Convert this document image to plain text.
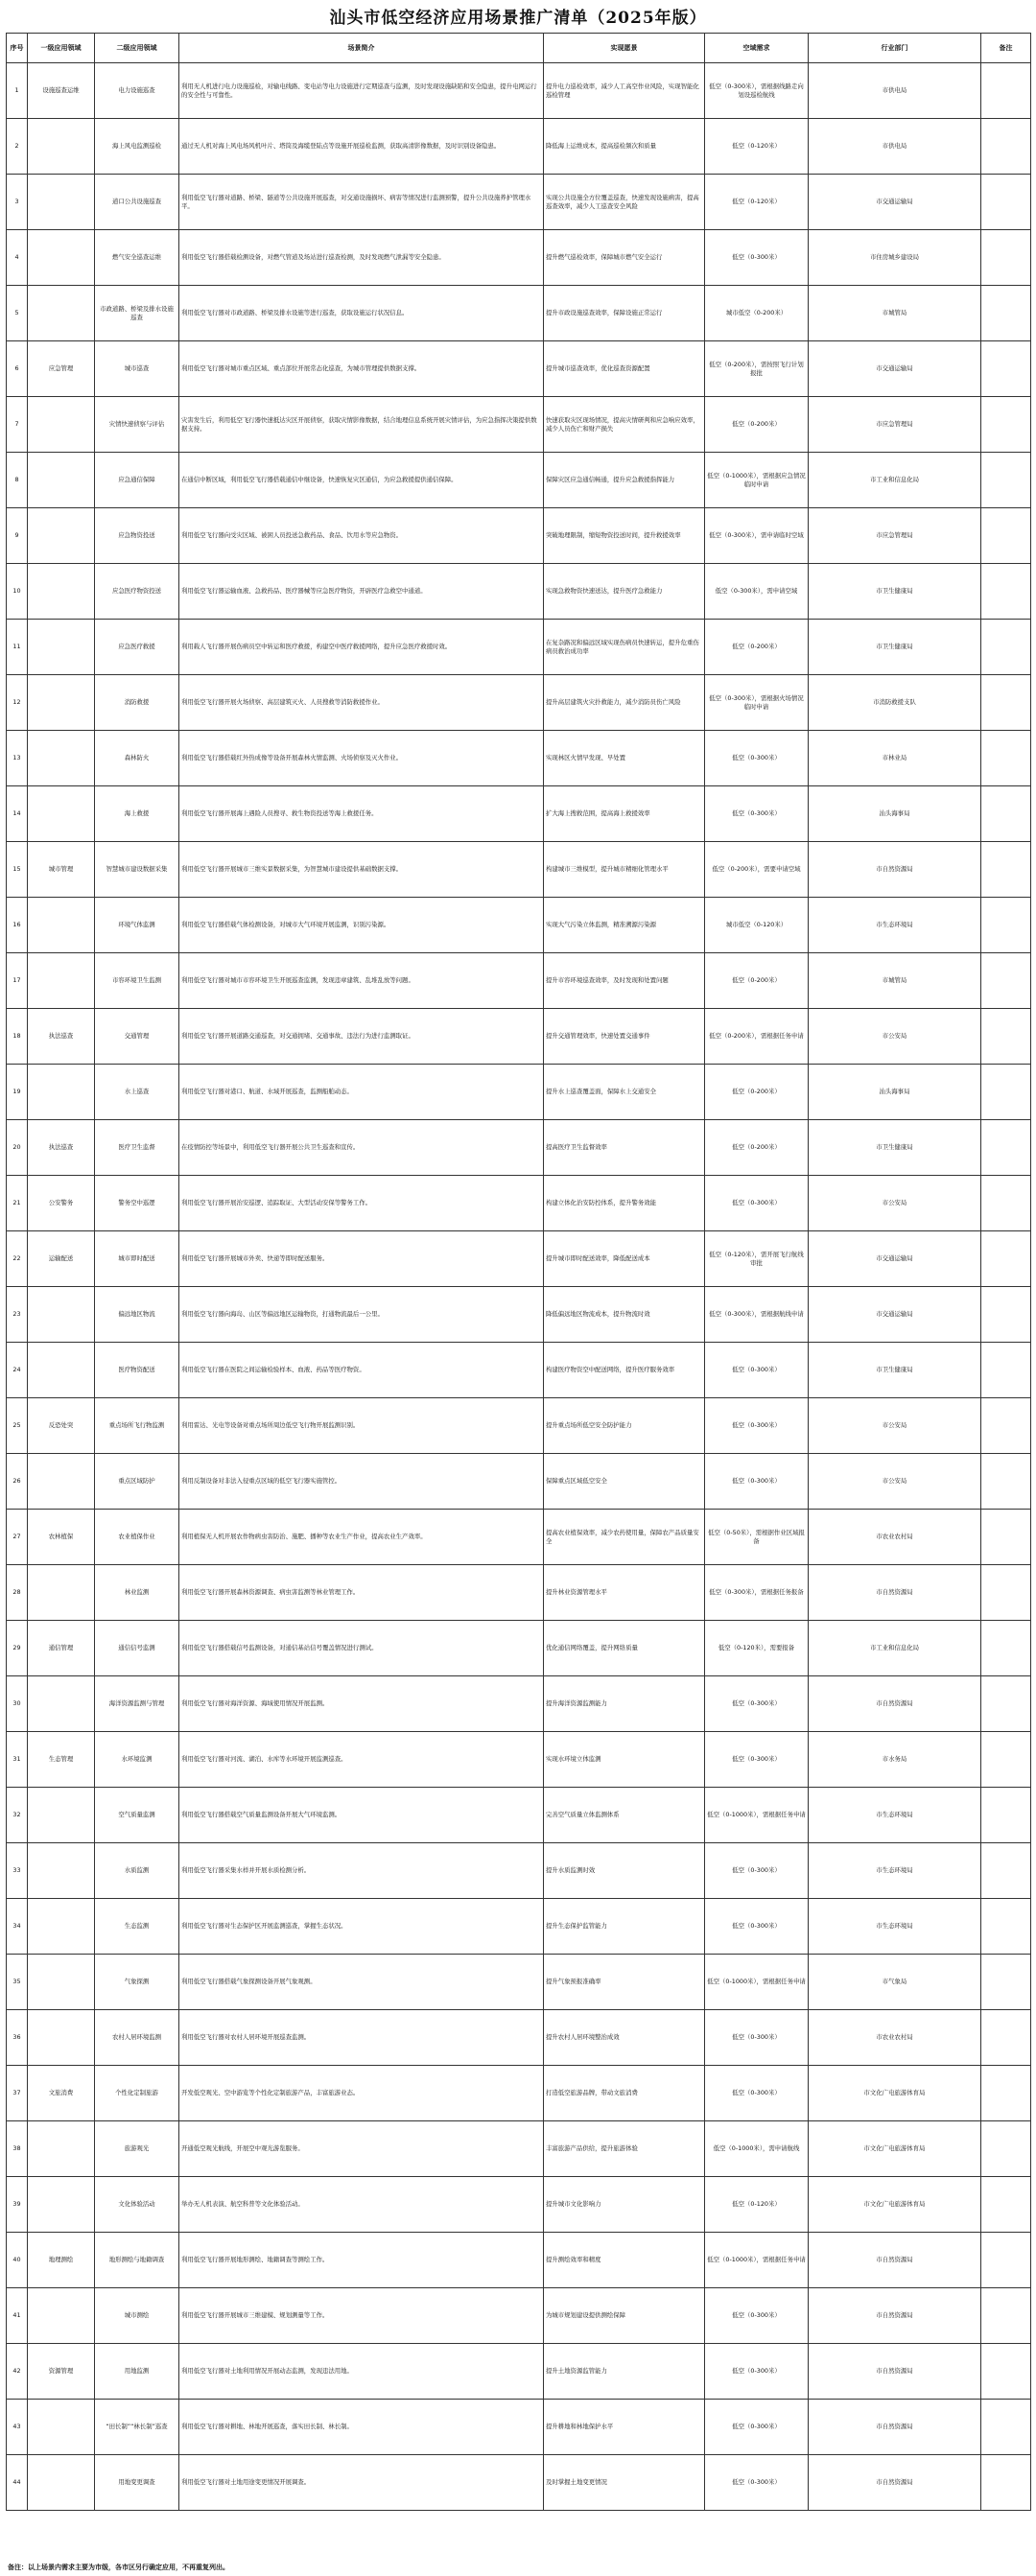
汕头市低空经济应用场景推广清单（2025年版）
序号	一级应用领域	二级应用领域	场景简介	实现愿景	空域需求	行业部门	备注
1	设施巡查运维	电力设施巡查	利用无人机进行电力设施巡检，对输电线路、变电站等电力设施进行定期巡查与监测，及时发现设施缺陷和安全隐患，提升电网运行的安全性与可靠性。	提升电力巡检效率，减少人工高空作业风险，实现智能化巡检管理	低空（0-300米），需根据线路走向划设巡检航线	市供电局	
2		海上风电监测巡检	通过无人机对海上风电场风机叶片、塔筒及海缆登陆点等设施开展巡检监测，获取高清影像数据，及时识别设备隐患。	降低海上运维成本，提高巡检频次和质量	低空（0-120米）	市供电局	
3		道口公共设施巡查	利用低空飞行器对道路、桥梁、隧道等公共设施开展巡查，对交通设施损坏、病害等情况进行监测预警，提升公共设施养护管理水平。	实现公共设施全方位覆盖巡查，快速发现设施病害，提高巡查效率，减少人工巡查安全风险	低空（0-120米）	市交通运输局	
4		燃气安全巡查运维	利用低空飞行器搭载检测设备，对燃气管道及场站进行巡查检测，及时发现燃气泄漏等安全隐患。	提升燃气巡检效率，保障城市燃气安全运行	低空（0-300米）	市住房城乡建设局	
5		市政道路、桥梁及排水设施巡查	利用低空飞行器对市政道路、桥梁及排水设施等进行巡查，获取设施运行状况信息。	提升市政设施巡查效率，保障设施正常运行	城市低空（0-200米）	市城管局	
6	应急管理	城市巡查	利用低空飞行器对城市重点区域、重点部位开展常态化巡查，为城市管理提供数据支撑。	提升城市巡查效率，优化巡查资源配置	低空（0-200米），需按照飞行计划报批	市交通运输局	
7		灾情快速侦察与评估	灾害发生后，利用低空飞行器快速抵达灾区开展侦察，获取灾情影像数据，结合地理信息系统开展灾情评估，为应急指挥决策提供数据支持。	快速获取灾区现场情况，提高灾情研判和应急响应效率，减少人员伤亡和财产损失	低空（0-200米）	市应急管理局	
8		应急通信保障	在通信中断区域，利用低空飞行器搭载通信中继设备，快速恢复灾区通信，为应急救援提供通信保障。	保障灾区应急通信畅通，提升应急救援指挥能力	低空（0-1000米），需根据应急情况临时申请	市工业和信息化局	
9		应急物资投送	利用低空飞行器向受灾区域、被困人员投送急救药品、食品、饮用水等应急物资。	突破地理限制，缩短物资投送时间，提升救援效率	低空（0-300米），需申请临时空域	市应急管理局	
10		应急医疗物资投送	利用低空飞行器运输血液、急救药品、医疗器械等应急医疗物资，开辟医疗急救空中通道。	实现急救物资快速送达，提升医疗急救能力	低空（0-300米），需申请空域	市卫生健康局	
11		应急医疗救援	利用载人飞行器开展伤病员空中转运和医疗救援，构建空中医疗救援网络，提升应急医疗救援时效。	在复杂路况和偏远区域实现伤病员快速转运，提升危重伤病员救治成功率	低空（0-200米）	市卫生健康局	
12		消防救援	利用低空飞行器开展火场侦察、高层建筑灭火、人员搜救等消防救援作业。	提升高层建筑火灾扑救能力，减少消防员伤亡风险	低空（0-300米），需根据火场情况临时申请	市消防救援支队	
13		森林防火	利用低空飞行器搭载红外热成像等设备开展森林火情监测、火场侦察及灭火作业。	实现林区火情早发现、早处置	低空（0-300米）	市林业局	
14		海上救援	利用低空飞行器开展海上遇险人员搜寻、救生物资投送等海上救援任务。	扩大海上搜救范围，提高海上救援效率	低空（0-300米）	汕头海事局	
15	城市管理	智慧城市建设数据采集	利用低空飞行器开展城市三维实景数据采集，为智慧城市建设提供基础数据支撑。	构建城市三维模型，提升城市精细化管理水平	低空（0-200米），需要申请空域	市自然资源局	
16		环境气体监测	利用低空飞行器搭载气体检测设备，对城市大气环境开展监测，识别污染源。	实现大气污染立体监测，精准溯源污染源	城市低空（0-120米）	市生态环境局	
17		市容环境卫生监测	利用低空飞行器对城市市容环境卫生开展巡查监测，发现违章建筑、乱堆乱放等问题。	提升市容环境巡查效率，及时发现和处置问题	低空（0-200米）	市城管局	
18	执法巡查	交通管理	利用低空飞行器开展道路交通巡查，对交通拥堵、交通事故、违法行为进行监测取证。	提升交通管理效率，快速处置交通事件	低空（0-200米），需根据任务申请	市公安局	
19		水上巡查	利用低空飞行器对港口、航道、水域开展巡查，监测船舶动态。	提升水上巡查覆盖面，保障水上交通安全	低空（0-200米）	汕头海事局	
20	执法巡查	医疗卫生监督	在疫情防控等场景中，利用低空飞行器开展公共卫生巡查和宣传。	提高医疗卫生监督效率	低空（0-200米）	市卫生健康局	
21	公安警务	警务空中巡逻	利用低空飞行器开展治安巡逻、追踪取证、大型活动安保等警务工作。	构建立体化治安防控体系，提升警务效能	低空（0-300米）	市公安局	
22	运输配送	城市即时配送	利用低空飞行器开展城市外卖、快递等即时配送服务。	提升城市即时配送效率，降低配送成本	低空（0-120米），需开展飞行航线审批	市交通运输局	
23		偏远地区物流	利用低空飞行器向海岛、山区等偏远地区运输物资，打通物流最后一公里。	降低偏远地区物流成本，提升物流时效	低空（0-300米），需根据航线申请	市交通运输局	
24		医疗物资配送	利用低空飞行器在医院之间运输检验样本、血液、药品等医疗物资。	构建医疗物资空中配送网络，提升医疗服务效率	低空（0-300米）	市卫生健康局	
25	反恐处突	重点场所飞行物监测	利用雷达、光电等设备对重点场所周边低空飞行物开展监测识别。	提升重点场所低空安全防护能力	低空（0-300米）	市公安局	
26		重点区域防护	利用反制设备对非法入侵重点区域的低空飞行器实施管控。	保障重点区域低空安全	低空（0-300米）	市公安局	
27	农林植保	农业植保作业	利用植保无人机开展农作物病虫害防治、施肥、播种等农业生产作业，提高农业生产效率。	提高农业植保效率，减少农药使用量，保障农产品质量安全	低空（0-50米），需根据作业区域报备	市农业农村局	
28		林业监测	利用低空飞行器开展森林资源调查、病虫害监测等林业管理工作。	提升林业资源管理水平	低空（0-300米），需根据任务报备	市自然资源局	
29	通信管理	通信信号监测	利用低空飞行器搭载信号监测设备，对通信基站信号覆盖情况进行测试。	优化通信网络覆盖，提升网络质量	低空（0-120米），需要报备	市工业和信息化局	
30		海洋资源监测与管理	利用低空飞行器对海洋资源、海域使用情况开展监测。	提升海洋资源监测能力	低空（0-300米）	市自然资源局	
31	生态管理	水环境监测	利用低空飞行器对河流、湖泊、水库等水环境开展监测巡查。	实现水环境立体监测	低空（0-300米）	市水务局	
32		空气质量监测	利用低空飞行器搭载空气质量监测设备开展大气环境监测。	完善空气质量立体监测体系	低空（0-1000米），需根据任务申请	市生态环境局	
33		水质监测	利用低空飞行器采集水样并开展水质检测分析。	提升水质监测时效	低空（0-300米）	市生态环境局	
34		生态监测	利用低空飞行器对生态保护区开展监测巡查，掌握生态状况。	提升生态保护监管能力	低空（0-300米）	市生态环境局	
35		气象探测	利用低空飞行器搭载气象探测设备开展气象观测。	提升气象预报准确率	低空（0-1000米），需根据任务申请	市气象局	
36		农村人居环境监测	利用低空飞行器对农村人居环境开展巡查监测。	提升农村人居环境整治成效	低空（0-300米）	市农业农村局	
37	文旅消费	个性化定制旅游	开发低空观光、空中游览等个性化定制旅游产品，丰富旅游业态。	打造低空旅游品牌，带动文旅消费	低空（0-300米）	市文化广电旅游体育局	
38		旅游观光	开通低空观光航线，开展空中观光游览服务。	丰富旅游产品供给，提升旅游体验	低空（0-1000米），需申请航线	市文化广电旅游体育局	
39		文化体验活动	举办无人机表演、航空科普等文化体验活动。	提升城市文化影响力	低空（0-120米）	市文化广电旅游体育局	
40	地理测绘	地形测绘与地籍调查	利用低空飞行器开展地形测绘、地籍调查等测绘工作。	提升测绘效率和精度	低空（0-1000米），需根据任务申请	市自然资源局	
41		城市测绘	利用低空飞行器开展城市三维建模、规划测量等工作。	为城市规划建设提供测绘保障	低空（0-300米）	市自然资源局	
42	资源管理	用地监测	利用低空飞行器对土地利用情况开展动态监测，发现违法用地。	提升土地资源监管能力	低空（0-300米）	市自然资源局	
43		“田长制”“林长制”巡查	利用低空飞行器对耕地、林地开展巡查，落实田长制、林长制。	提升耕地和林地保护水平	低空（0-300米）	市自然资源局	
44		用地变更调查	利用低空飞行器对土地用途变更情况开展调查。	及时掌握土地变更情况	低空（0-300米）	市自然资源局	
备注：以上场景内需求主要为市级，各市区另行确定应用，不再重复列出。
